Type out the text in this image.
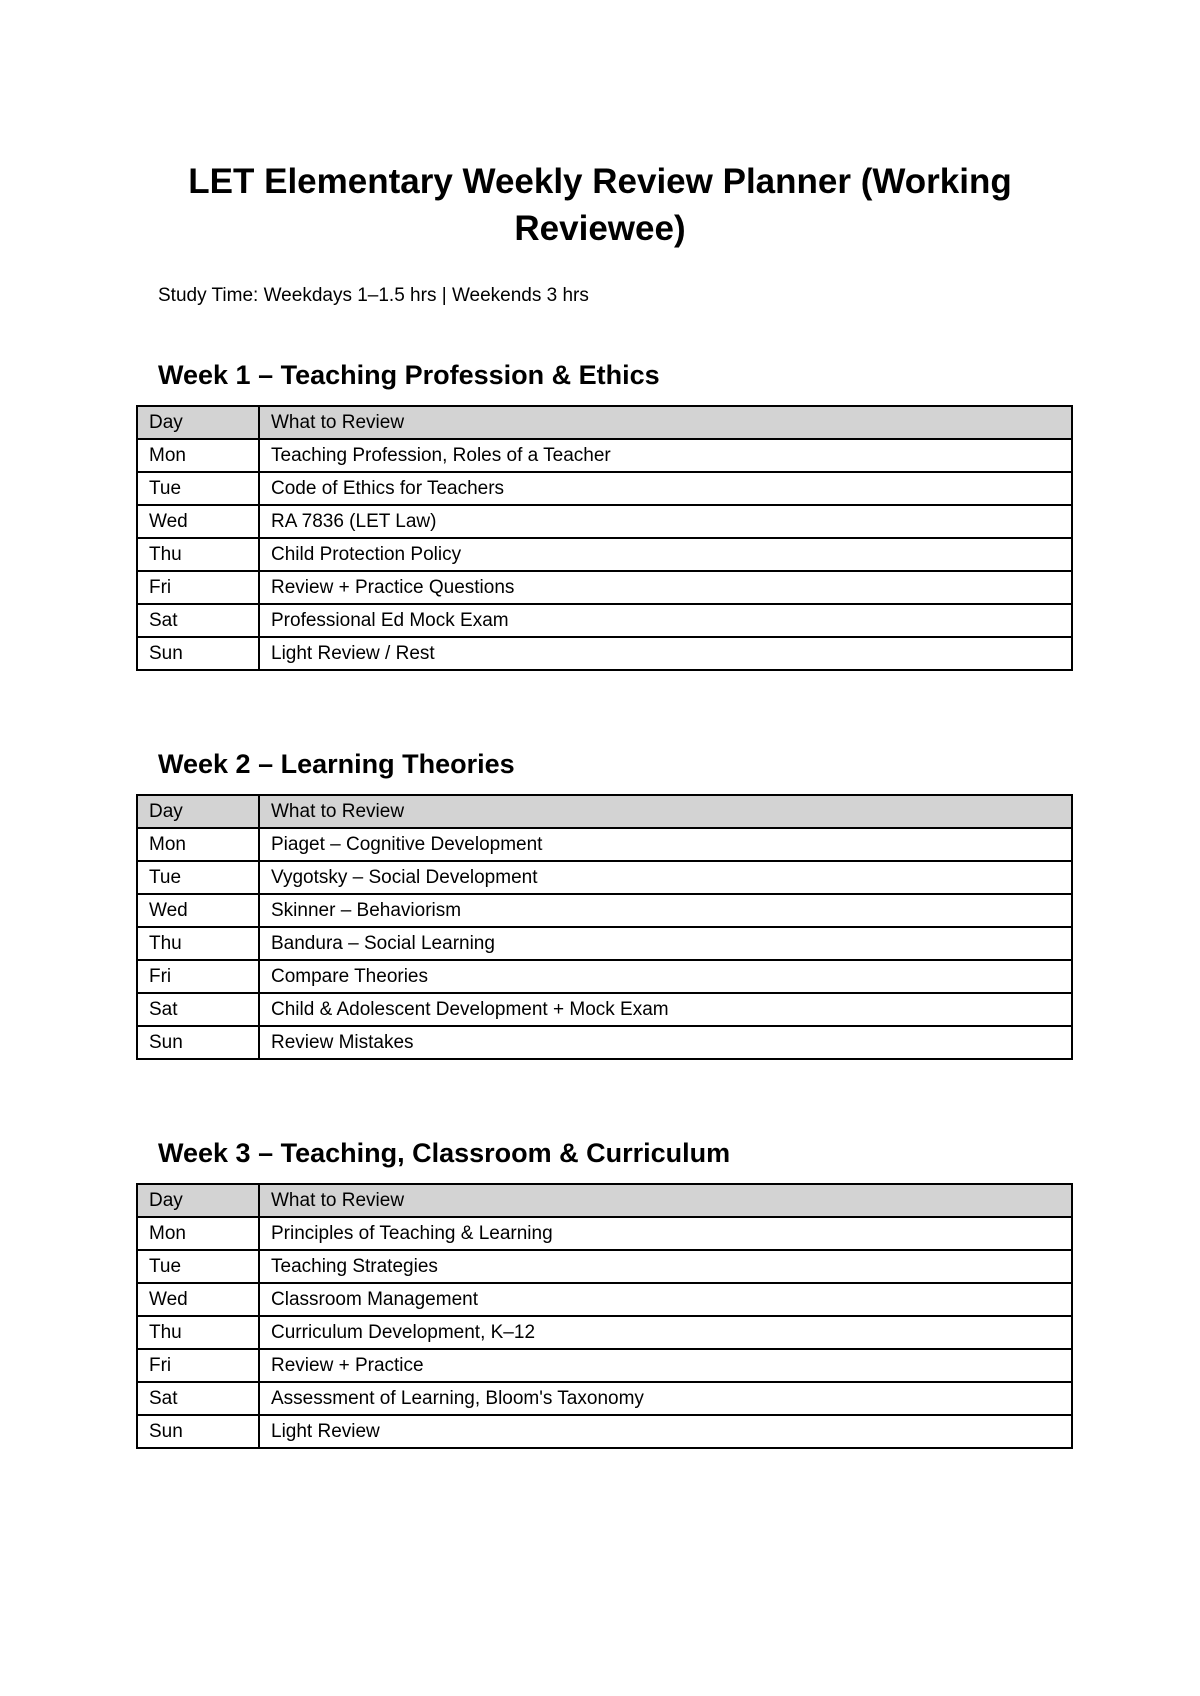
LET Elementary Weekly Review Planner (Working Reviewee)

Study Time: Weekdays 1–1.5 hrs | Weekends 3 hrs

Week 1 – Teaching Profession & Ethics
Day	What to Review
Mon	Teaching Profession, Roles of a Teacher
Tue	Code of Ethics for Teachers
Wed	RA 7836 (LET Law)
Thu	Child Protection Policy
Fri	Review + Practice Questions
Sat	Professional Ed Mock Exam
Sun	Light Review / Rest
Week 2 – Learning Theories
Day	What to Review
Mon	Piaget – Cognitive Development
Tue	Vygotsky – Social Development
Wed	Skinner – Behaviorism
Thu	Bandura – Social Learning
Fri	Compare Theories
Sat	Child & Adolescent Development + Mock Exam
Sun	Review Mistakes
Week 3 – Teaching, Classroom & Curriculum
Day	What to Review
Mon	Principles of Teaching & Learning
Tue	Teaching Strategies
Wed	Classroom Management
Thu	Curriculum Development, K–12
Fri	Review + Practice
Sat	Assessment of Learning, Bloom's Taxonomy
Sun	Light Review
